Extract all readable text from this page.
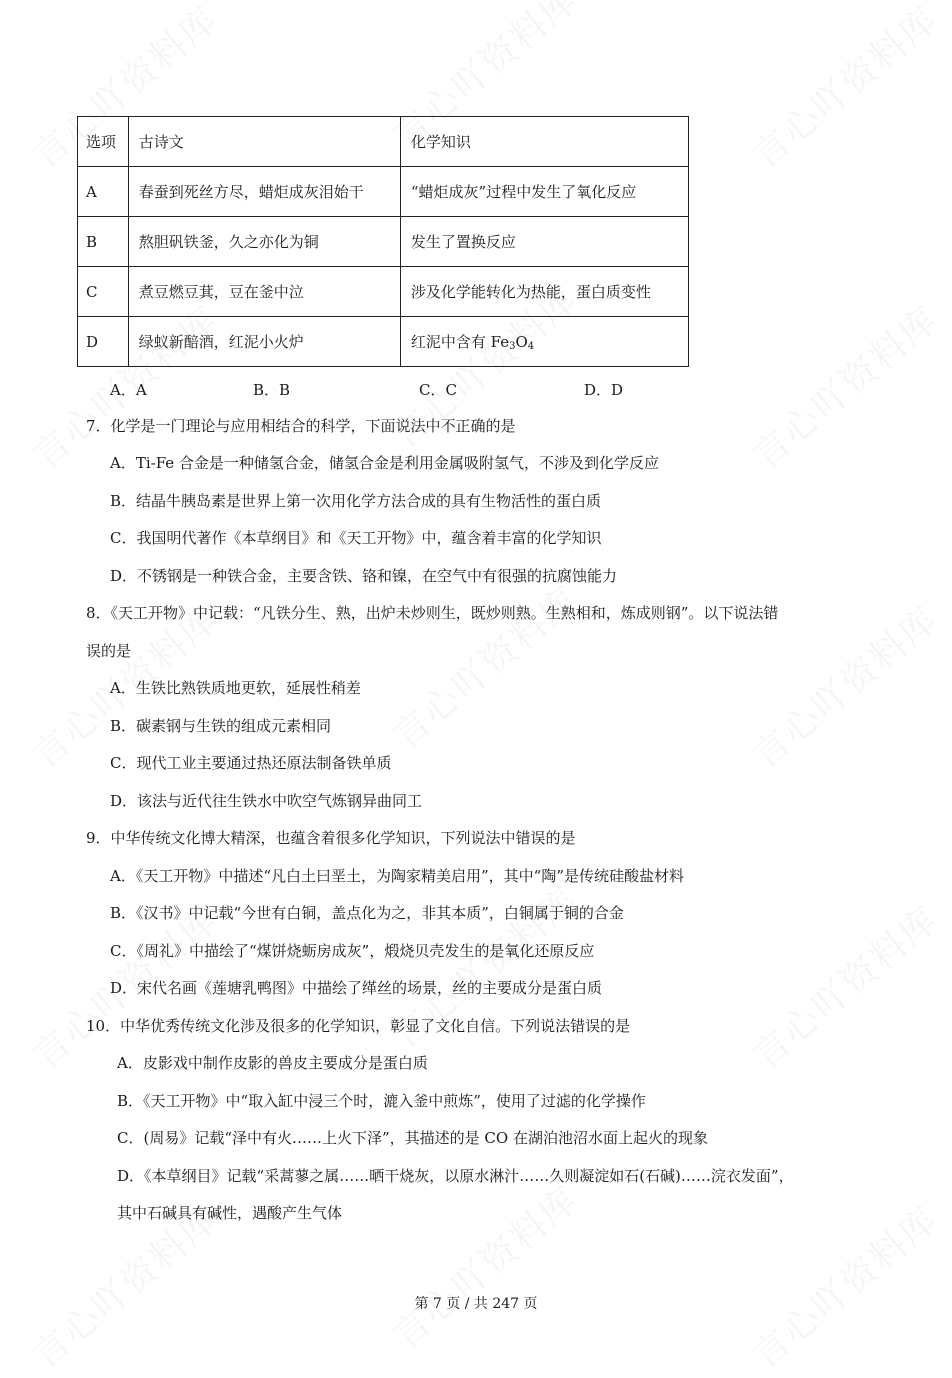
选项	古诗文	化学知识
A	春蚕到死丝方尽，蜡炬成灰泪始干	“蜡炬成灰”过程中发生了氧化反应
B	熬胆矾铁釜，久之亦化为铜	发生了置换反应
C	煮豆燃豆萁，豆在釜中泣	涉及化学能转化为热能，蛋白质变性
D	绿蚁新醅酒，红泥小火炉	红泥中含有 $Fe_3O_4$
A．A	B．B	C．C	D．D
7．化学是一门理论与应用相结合的科学，下面说法中不正确的是
A．Ti-Fe 合金是一种储氢合金，储氢合金是利用金属吸附氢气，不涉及到化学反应
B．结晶牛胰岛素是世界上第一次用化学方法合成的具有生物活性的蛋白质
C．我国明代著作《本草纲目》和《天工开物》中，蕴含着丰富的化学知识
D．不锈钢是一种铁合金，主要含铁、铬和镍，在空气中有很强的抗腐蚀能力
8．《天工开物》中记载：“凡铁分生、熟，出炉未炒则生，既炒则熟。生熟相和，炼成则钢”。以下说法错
误的是
A．生铁比熟铁质地更软，延展性稍差
B．碳素钢与生铁的组成元素相同
C．现代工业主要通过热还原法制备铁单质
D．该法与近代往生铁水中吹空气炼钢异曲同工
9．中华传统文化博大精深，也蕴含着很多化学知识，下列说法中错误的是
A．《天工开物》中描述“凡白土曰垩土，为陶家精美启用”，其中“陶”是传统硅酸盐材料
B．《汉书》中记载“今世有白铜，盖点化为之，非其本质”，白铜属于铜的合金
C．《周礼》中描绘了“煤饼烧蛎房成灰”，煅烧贝壳发生的是氧化还原反应
D．宋代名画《莲塘乳鸭图》中描绘了缂丝的场景，丝的主要成分是蛋白质
10．中华优秀传统文化涉及很多的化学知识，彰显了文化自信。下列说法错误的是
A．皮影戏中制作皮影的兽皮主要成分是蛋白质
B．《天工开物》中“取入缸中浸三个时，漉入釜中煎炼”，使用了过滤的化学操作
C．(周易》记载“泽中有火……上火下泽”，其描述的是 CO 在湖泊池沼水面上起火的现象
D．《本草纲目》记载“采蒿蓼之属……晒干烧灰，以原水淋汁……久则凝淀如石(石碱)……浣衣发面”，
其中石碱具有碱性，遇酸产生气体
第 7 页 / 共 247 页
